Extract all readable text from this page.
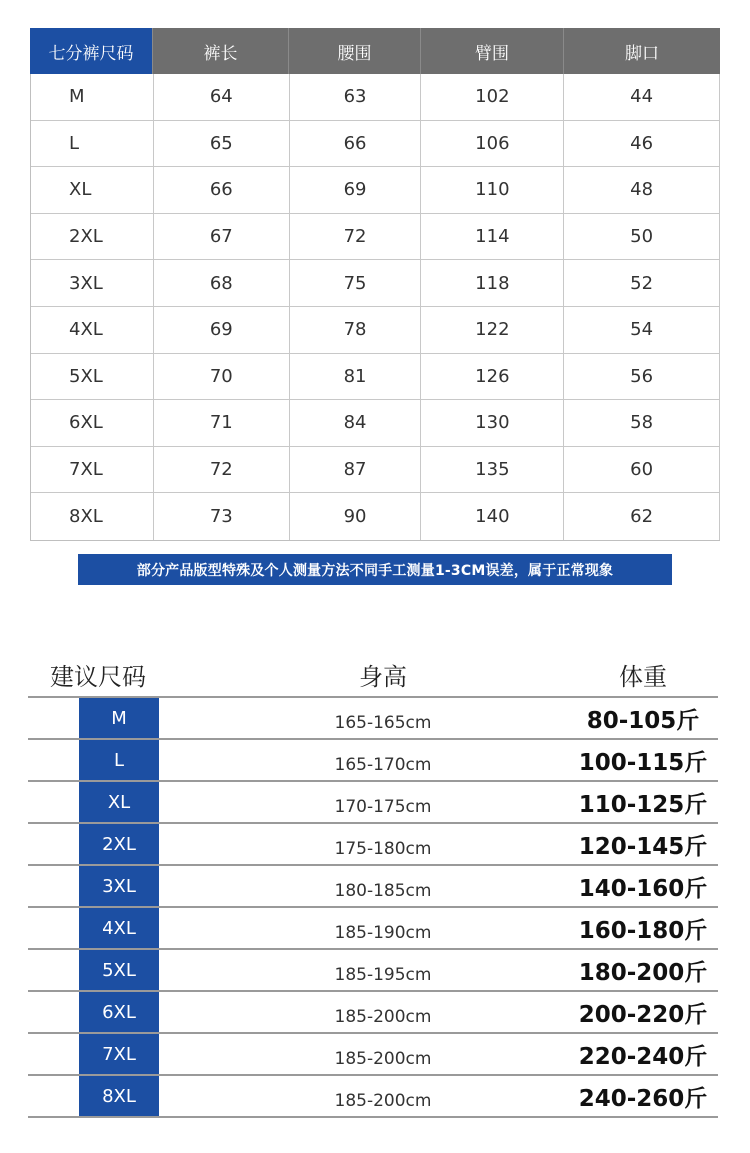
七分裤尺码	裤长	腰围	臂围	脚口
M	64	63	102	44
L	65	66	106	46
XL	66	69	110	48
2XL	67	72	114	50
3XL	68	75	118	52
4XL	69	78	122	54
5XL	70	81	126	56
6XL	71	84	130	58
7XL	72	87	135	60
8XL	73	90	140	62
部分产品版型特殊及个人测量方法不同手工测量1-3CM误差，属于正常现象
建议尺码	身高	体重
M	165-165cm	80-105斤
L	165-170cm	100-115斤
XL	170-175cm	110-125斤
2XL	175-180cm	120-145斤
3XL	180-185cm	140-160斤
4XL	185-190cm	160-180斤
5XL	185-195cm	180-200斤
6XL	185-200cm	200-220斤
7XL	185-200cm	220-240斤
8XL	185-200cm	240-260斤
